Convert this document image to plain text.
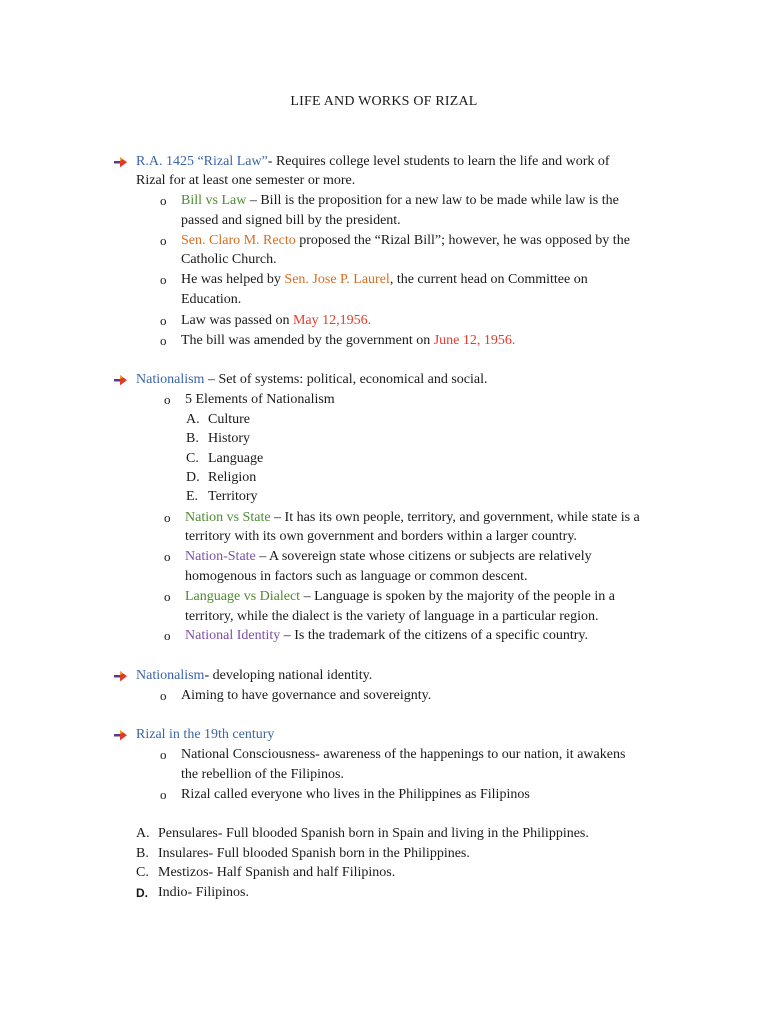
LIFE AND WORKS OF RIZAL
R.A. 1425 “Rizal Law”- Requires college level students to learn the life and work of
Rizal for at least one semester or more.
o Bill vs Law – Bill is the proposition for a new law to be made while law is the
passed and signed bill by the president.
o Sen. Claro M. Recto proposed the “Rizal Bill”; however, he was opposed by the
Catholic Church.
o He was helped by Sen. Jose P. Laurel, the current head on Committee on
Education.
o Law was passed on May 12,1956.
o The bill was amended by the government on June 12, 1956.
Nationalism – Set of systems: political, economical and social.
o 5 Elements of Nationalism
A. Culture
B. History
C. Language
D. Religion
E. Territory
o Nation vs State – It has its own people, territory, and government, while state is a
territory with its own government and borders within a larger country.
o Nation-State – A sovereign state whose citizens or subjects are relatively
homogenous in factors such as language or common descent.
o Language vs Dialect – Language is spoken by the majority of the people in a
territory, while the dialect is the variety of language in a particular region.
o National Identity – Is the trademark of the citizens of a specific country.
Nationalism- developing national identity.
o Aiming to have governance and sovereignty.
Rizal in the 19th century
o National Consciousness- awareness of the happenings to our nation, it awakens
the rebellion of the Filipinos.
o Rizal called everyone who lives in the Philippines as Filipinos
A. Pensulares- Full blooded Spanish born in Spain and living in the Philippines.
B. Insulares- Full blooded Spanish born in the Philippines.
C. Mestizos- Half Spanish and half Filipinos.
D. Indio- Filipinos.
